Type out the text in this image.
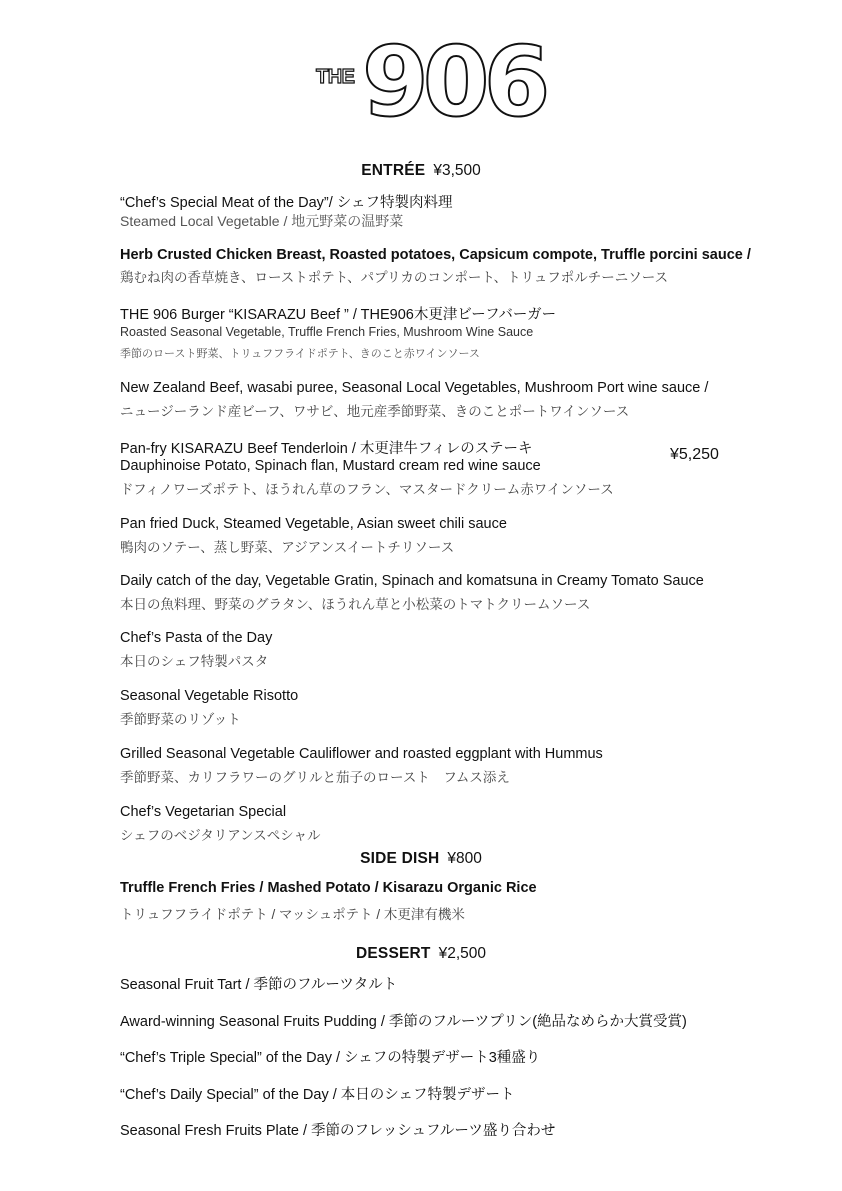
THE 906
ENTRÉE ¥3,500
“Chef’s Special Meat of the Day”/ シェフ特製肉料理
Steamed Local Vegetable / 地元野菜の温野菜
Herb Crusted Chicken Breast, Roasted potatoes, Capsicum compote, Truffle porcini sauce /
鶏むね肉の香草焼き、ローストポテト、パプリカのコンポート、トリュフポルチーニソース
THE 906 Burger “KISARAZU Beef ” / THE906木更津ビーフバーガー
Roasted Seasonal Vegetable, Truffle French Fries, Mushroom Wine Sauce
季節のロースト野菜、トリュフフライドポテト、きのこと赤ワインソース
New Zealand Beef, wasabi puree, Seasonal Local Vegetables, Mushroom Port wine sauce /
ニュージーランド産ビーフ、ワサビ、地元産季節野菜、きのことポートワインソース
Pan-fry KISARAZU Beef Tenderloin / 木更津牛フィレのステーキ
Dauphinoise Potato, Spinach flan, Mustard cream red wine sauce
ドフィノワーズポテト、ほうれん草のフラン、マスタードクリーム赤ワインソース
¥5,250
Pan fried Duck, Steamed Vegetable, Asian sweet chili sauce
鴨肉のソテー、蒸し野菜、アジアンスイートチリソース
Daily catch of the day, Vegetable Gratin, Spinach and komatsuna in Creamy Tomato Sauce
本日の魚料理、野菜のグラタン、ほうれん草と小松菜のトマトクリームソース
Chef’s Pasta of the Day
本日のシェフ特製パスタ
Seasonal Vegetable Risotto
季節野菜のリゾット
Grilled Seasonal Vegetable Cauliflower and roasted eggplant with Hummus
季節野菜、カリフラワーのグリルと茄子のロースト　フムス添え
Chef’s Vegetarian Special
シェフのベジタリアンスペシャル
SIDE DISH ¥800
Truffle French Fries / Mashed Potato / Kisarazu Organic Rice
トリュフフライドポテト / マッシュポテト / 木更津有機米
DESSERT ¥2,500
Seasonal Fruit Tart / 季節のフルーツタルト
Award-winning Seasonal Fruits Pudding / 季節のフルーツプリン(絶品なめらか大賞受賞)
“Chef’s Triple Special” of the Day / シェフの特製デザート3種盛り
“Chef’s Daily Special” of the Day / 本日のシェフ特製デザート
Seasonal Fresh Fruits Plate / 季節のフレッシュフルーツ盛り合わせ
